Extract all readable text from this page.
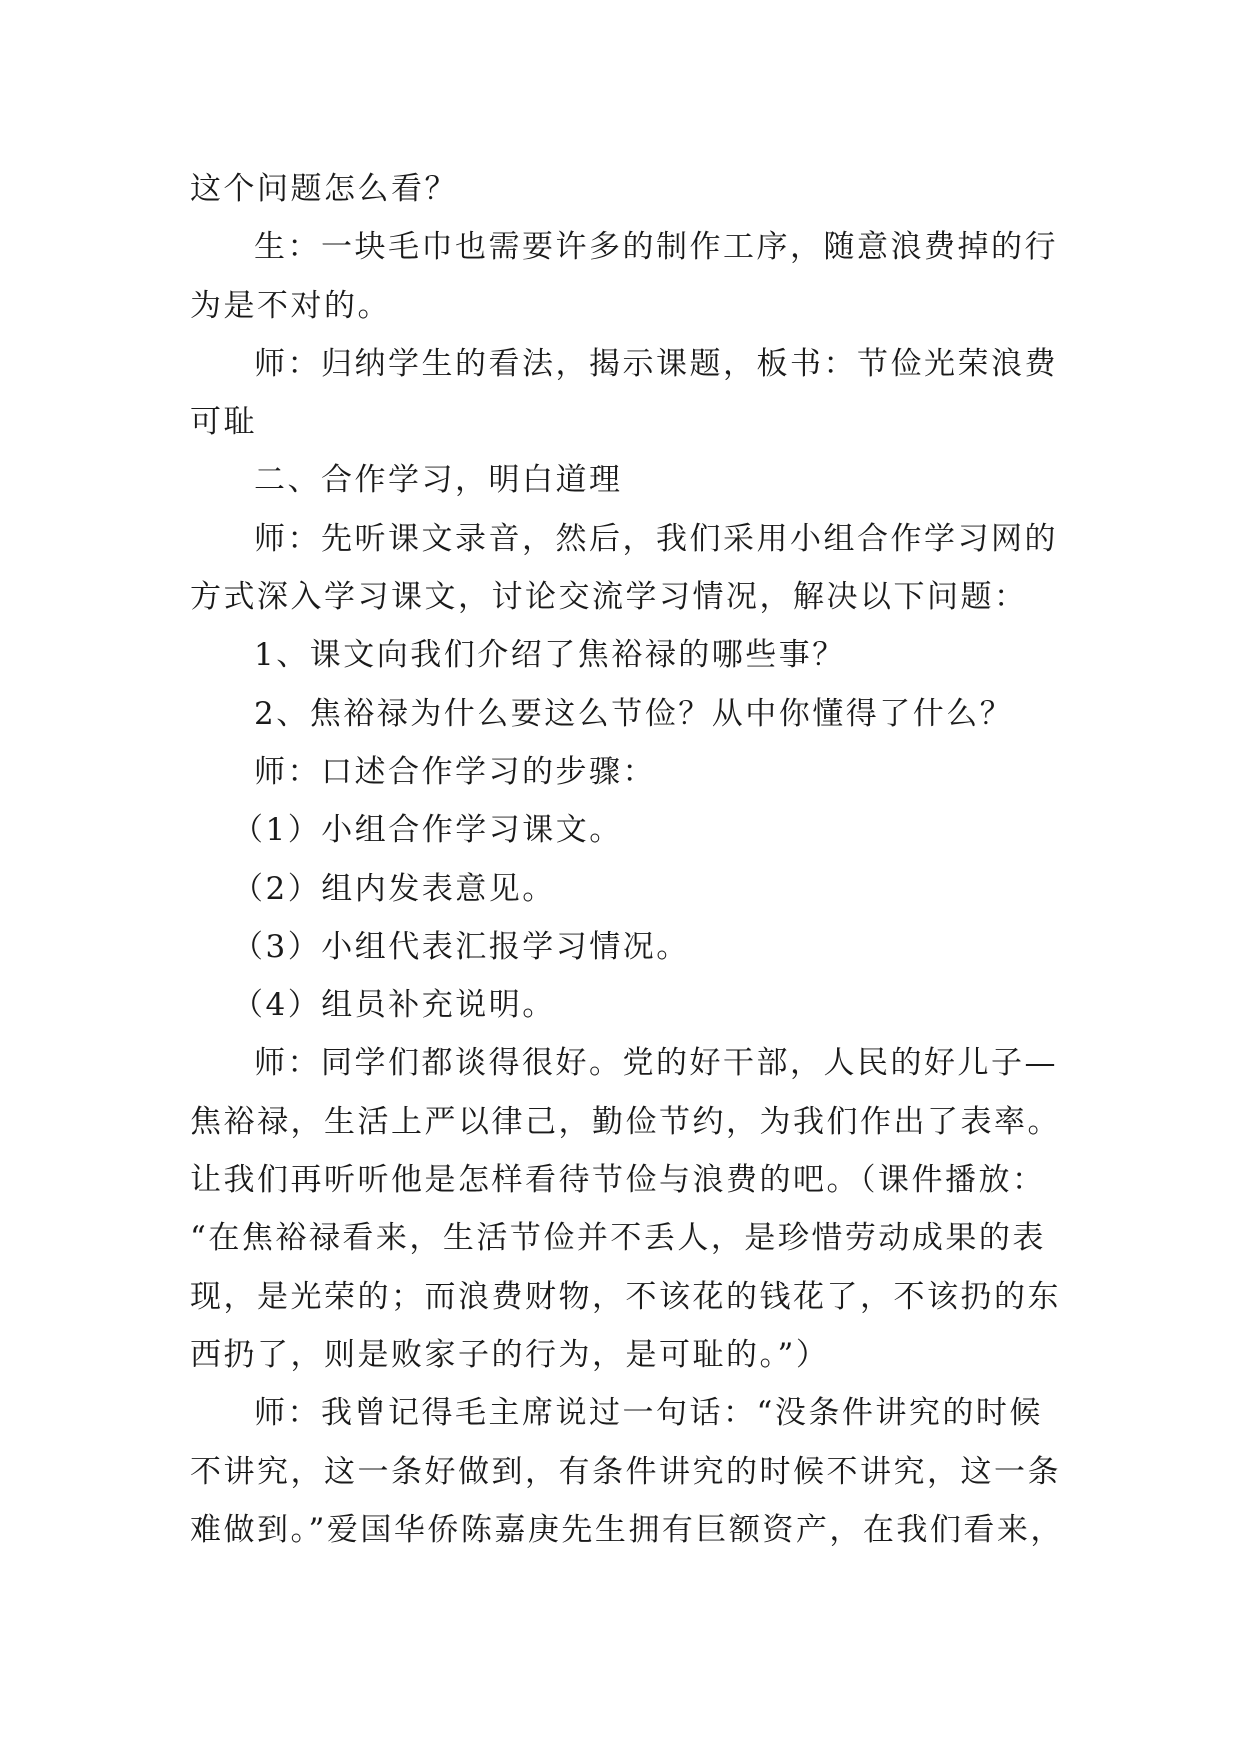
这个问题怎么看？
生：一块毛巾也需要许多的制作工序，随意浪费掉的行
为是不对的。
师：归纳学生的看法，揭示课题，板书：节俭光荣浪费
可耻
二、合作学习，明白道理
师：先听课文录音，然后，我们采用小组合作学习网的
方式深入学习课文，讨论交流学习情况，解决以下问题：
1、课文向我们介绍了焦裕禄的哪些事？
2、焦裕禄为什么要这么节俭？从中你懂得了什么？
师：口述合作学习的步骤：
（1）小组合作学习课文。
（2）组内发表意见。
（3）小组代表汇报学习情况。
（4）组员补充说明。
师：同学们都谈得很好。党的好干部，人民的好儿子—
焦裕禄，生活上严以律己，勤俭节约，为我们作出了表率。
让我们再听听他是怎样看待节俭与浪费的吧。（课件播放：
“在焦裕禄看来，生活节俭并不丢人，是珍惜劳动成果的表
现，是光荣的；而浪费财物，不该花的钱花了，不该扔的东
西扔了，则是败家子的行为，是可耻的。”）
师：我曾记得毛主席说过一句话：“没条件讲究的时候
不讲究，这一条好做到，有条件讲究的时候不讲究，这一条
难做到。”爱国华侨陈嘉庚先生拥有巨额资产，在我们看来，
